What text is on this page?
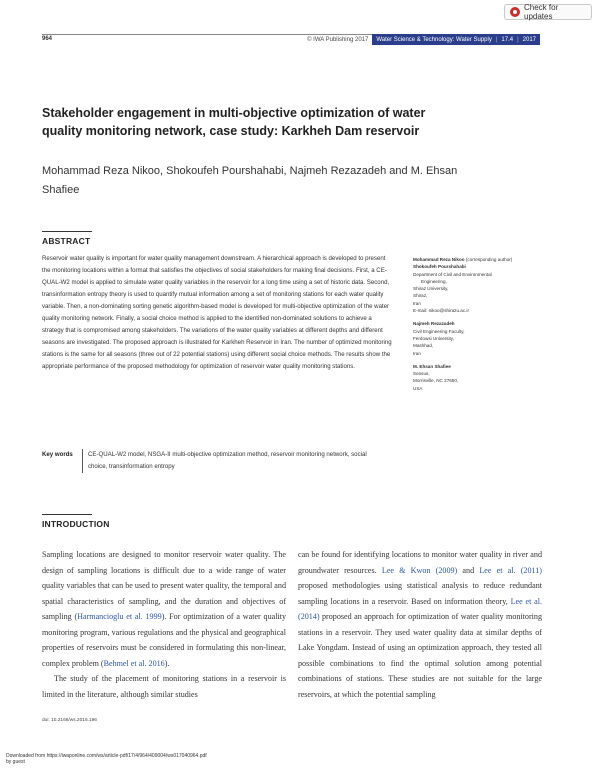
Check for updates
964	© IWA Publishing 2017	Water Science & Technology: Water Supply | 17.4 | 2017
Stakeholder engagement in multi-objective optimization of water quality monitoring network, case study: Karkheh Dam reservoir
Mohammad Reza Nikoo, Shokoufeh Pourshahabi, Najmeh Rezazadeh and M. Ehsan Shafiee
ABSTRACT

Reservoir water quality is important for water quality management downstream. A hierarchical approach is developed to present the monitoring locations within a format that satisfies the objectives of social stakeholders for making final decisions. First, a CE-QUAL-W2 model is applied to simulate water quality variables in the reservoir for a long time using a set of historic data. Second, transinformation entropy theory is used to quantify mutual information among a set of monitoring stations for each water quality variable. Then, a non-dominating sorting genetic algorithm-based model is developed for multi-objective optimization of the water quality monitoring network. Finally, a social choice method is applied to the identified non-dominated solutions to achieve a strategy that is compromised among stakeholders. The variations of the water quality variables at different depths and different seasons are investigated. The proposed approach is illustrated for Karkheh Reservoir in Iran. The number of optimized monitoring stations is the same for all seasons (three out of 22 potential stations) using different social choice methods. The results show the appropriate performance of the proposed methodology for optimization of reservoir water quality monitoring stations.

Key words	CE-QUAL-W2 model, NSGA-II multi-objective optimization method, reservoir monitoring network, social choice, transinformation entropy
Mohammad Reza Nikoo (corresponding author)
Shokoufeh Pourshahabi
Department of Civil and Environmental
Engineering,
Shiraz University,
Shiraz,
Iran
E-mail: nikoo@shirazu.ac.ir
Najmeh Rezazadeh
Civil Engineering Faculty,
Ferdowsi University,
Mashhad,
Iran
M. Ehsan Shafiee
Sensus,
Morrisville, NC 27650,
USA
INTRODUCTION

Sampling locations are designed to monitor reservoir water quality. The design of sampling locations is difficult due to a wide range of water quality variables that can be used to present water quality, the temporal and spatial characteristics of sampling, and the duration and objectives of sampling (Harmancioglu et al. 1999). For optimization of a water quality monitoring program, various regulations and the physical and geographical properties of reservoirs must be considered in formulating this non-linear, complex problem (Behmel et al. 2016).

The study of the placement of monitoring stations in a reservoir is limited in the literature, although similar studies

can be found for identifying locations to monitor water quality in river and groundwater resources. Lee & Kwon (2009) and Lee et al. (2011) proposed methodologies using statistical analysis to reduce redundant sampling locations in a reservoir. Based on information theory, Lee et al. (2014) proposed an approach for optimization of water quality monitoring stations in a reservoir. They used water quality data at similar depths of Lake Yongdam. Instead of using an optimization approach, they tested all possible combinations to find the optimal solution among potential combinations of stations. These studies are not suitable for the large reservoirs, at which the potential sampling

doi: 10.2166/ws.2016.196
Downloaded from https://iwaponline.com/ws/article-pdf/17/4/964/409004/ws017040964.pdf
by guest
